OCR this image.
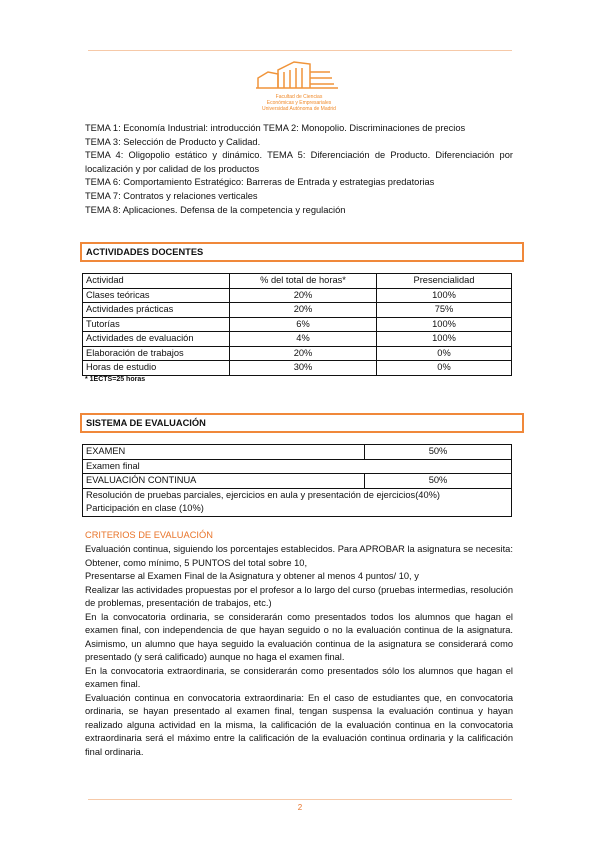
Facultad de Ciencias
Económicas y Empresariales
Universidad Autónoma de Madrid
TEMA 1: Economía Industrial: introducción TEMA 2: Monopolio. Discriminaciones de precios
TEMA 3: Selección de Producto y Calidad.
TEMA 4: Oligopolio estático y dinámico. TEMA 5: Diferenciación de Producto. Diferenciación por localización y por calidad de los productos
TEMA 6: Comportamiento Estratégico: Barreras de Entrada y estrategias predatorias
TEMA 7: Contratos y relaciones verticales
TEMA 8: Aplicaciones. Defensa de la competencia y regulación
ACTIVIDADES DOCENTES
Actividad	% del total de horas*	Presencialidad
Clases teóricas	20%	100%
Actividades prácticas	20%	75%
Tutorías	6%	100%
Actividades de evaluación	4%	100%
Elaboración de trabajos	20%	0%
Horas de estudio	30%	0%
* 1ECTS=25 horas
SISTEMA DE EVALUACIÓN
EXAMEN	50%
Examen final	
EVALUACIÓN CONTINUA	50%
Resolución de pruebas parciales, ejercicios en aula y presentación de ejercicios(40%)	
Participación en clase (10%)	
CRITERIOS DE EVALUACIÓN

Evaluación continua, siguiendo los porcentajes establecidos. Para APROBAR la asignatura se necesita:

Obtener, como mínimo, 5 PUNTOS del total sobre 10,

Presentarse al Examen Final de la Asignatura y obtener al menos 4 puntos/ 10, y

Realizar las actividades propuestas por el profesor a lo largo del curso (pruebas intermedias, resolución de problemas, presentación de trabajos, etc.)

En la convocatoria ordinaria, se considerarán como presentados todos los alumnos que hagan el examen final, con independencia de que hayan seguido o no la evaluación continua de la asignatura. Asimismo, un alumno que haya seguido la evaluación continua de la asignatura se considerará como presentado (y será calificado) aunque no haga el examen final.

En la convocatoria extraordinaria, se considerarán como presentados sólo los alumnos que hagan el examen final.

Evaluación continua en convocatoria extraordinaria: En el caso de estudiantes que, en convocatoria ordinaria, se hayan presentado al examen final, tengan suspensa la evaluación continua y hayan realizado alguna actividad en la misma, la calificación de la evaluación continua en la convocatoria extraordinaria será el máximo entre la calificación de la evaluación continua ordinaria y la calificación final ordinaria.

2
